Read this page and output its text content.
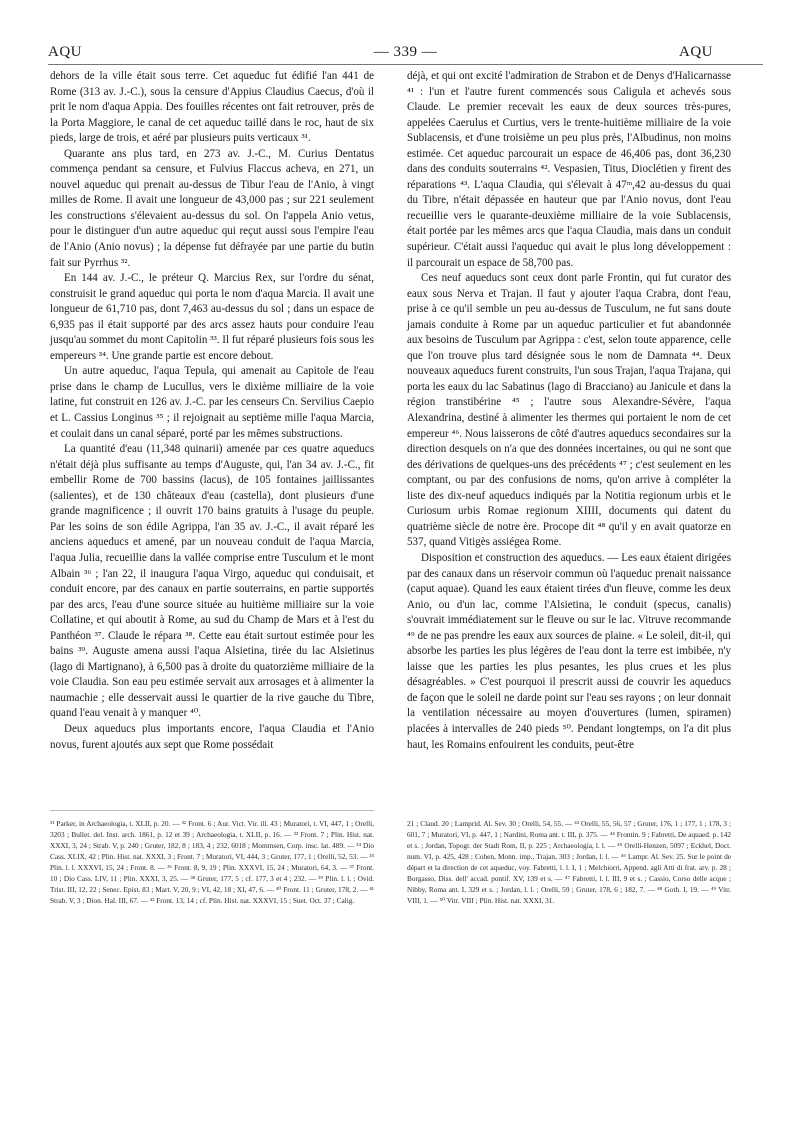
AQU	— 339 —	AQU

dehors de la ville était sous terre. Cet aqueduc fut édifié l'an 441 de Rome (313 av. J.-C.), sous la censure d'Appius Claudius Caecus, d'où il prit le nom d'aqua Appia. Des fouilles récentes ont fait retrouver, près de la Porta Maggiore, le canal de cet aqueduc taillé dans le roc, haut de six pieds, large de trois, et aéré par plusieurs puits verticaux ³¹.

Quarante ans plus tard, en 273 av. J.-C., M. Curius Dentatus commença pendant sa censure, et Fulvius Flaccus acheva, en 271, un nouvel aqueduc qui prenait au-dessus de Tibur l'eau de l'Anio, à vingt milles de Rome. Il avait une longueur de 43,000 pas ; sur 221 seulement les constructions s'élevaient au-dessus du sol. On l'appela Anio vetus, pour le distinguer d'un autre aqueduc qui reçut aussi sous l'empire l'eau de l'Anio (Anio novus) ; la dépense fut défrayée par une partie du butin fait sur Pyrrhus ³².

En 144 av. J.-C., le préteur Q. Marcius Rex, sur l'ordre du sénat, construisit le grand aqueduc qui porta le nom d'aqua Marcia. Il avait une longueur de 61,710 pas, dont 7,463 au-dessus du sol ; dans un espace de 6,935 pas il était supporté par des arcs assez hauts pour conduire l'eau jusqu'au sommet du mont Capitolin ³³. Il fut réparé plusieurs fois sous les empereurs ³⁴. Une grande partie est encore debout.

Un autre aqueduc, l'aqua Tepula, qui amenait au Capitole de l'eau prise dans le champ de Lucullus, vers le dixième milliaire de la voie latine, fut construit en 126 av. J.-C. par les censeurs Cn. Servilius Caepio et L. Cassius Longinus ³⁵ ; il rejoignait au septième mille l'aqua Marcia, et coulait dans un canal séparé, porté par les mêmes substructions.

La quantité d'eau (11,348 quinarii) amenée par ces quatre aqueducs n'était déjà plus suffisante au temps d'Auguste, qui, l'an 34 av. J.-C., fit embellir Rome de 700 bassins (lacus), de 105 fontaines jaillissantes (salientes), et de 130 châteaux d'eau (castella), dont plusieurs d'une grande magnificence ; il ouvrit 170 bains gratuits à l'usage du peuple. Par les soins de son édile Agrippa, l'an 35 av. J.-C., il avait réparé les anciens aqueducs et amené, par un nouveau conduit de l'aqua Marcia, l'aqua Julia, recueillie dans la vallée comprise entre Tusculum et le mont Albain ³⁶ ; l'an 22, il inaugura l'aqua Virgo, aqueduc qui conduisait, et conduit encore, par des canaux en partie souterrains, en partie supportés par des arcs, l'eau d'une source située au huitième milliaire sur la voie Collatine, et qui aboutit à Rome, au sud du Champ de Mars et à l'est du Panthéon ³⁷. Claude le répara ³⁸. Cette eau était surtout estimée pour les bains ³⁹. Auguste amena aussi l'aqua Alsietina, tirée du lac Alsietinus (lago di Martignano), à 6,500 pas à droite du quatorzième milliaire de la voie Claudia. Son eau peu estimée servait aux arrosages et à alimenter la naumachie ; elle desservait aussi le quartier de la rive gauche du Tibre, quand l'eau venait à y manquer ⁴⁰.

Deux aqueducs plus importants encore, l'aqua Claudia et l'Anio novus, furent ajoutés aux sept que Rome possédait

déjà, et qui ont excité l'admiration de Strabon et de Denys d'Halicarnasse ⁴¹ : l'un et l'autre furent commencés sous Caligula et achevés sous Claude. Le premier recevait les eaux de deux sources très-pures, appelées Caerulus et Curtius, vers le trente-huitième milliaire de la voie Sublacensis, et d'une troisième un peu plus près, l'Albudinus, non moins estimée. Cet aqueduc parcourait un espace de 46,406 pas, dont 36,230 dans des conduits souterrains ⁴². Vespasien, Titus, Dioclétien y firent des réparations ⁴³. L'aqua Claudia, qui s'élevait à 47ᵐ,42 au-dessus du quai du Tibre, n'était dépassée en hauteur que par l'Anio novus, dont l'eau recueillie vers le quarante-deuxième milliaire de la voie Sublacensis, était portée par les mêmes arcs que l'aqua Claudia, mais dans un conduit supérieur. C'était aussi l'aqueduc qui avait le plus long développement : il parcourait un espace de 58,700 pas.

Ces neuf aqueducs sont ceux dont parle Frontin, qui fut curator des eaux sous Nerva et Trajan. Il faut y ajouter l'aqua Crabra, dont l'eau, prise à ce qu'il semble un peu au-dessus de Tusculum, ne fut sans doute jamais conduite à Rome par un aqueduc particulier et fut abandonnée aux besoins de Tusculum par Agrippa : c'est, selon toute apparence, celle que l'on trouve plus tard désignée sous le nom de Damnata ⁴⁴. Deux nouveaux aqueducs furent construits, l'un sous Trajan, l'aqua Trajana, qui porta les eaux du lac Sabatinus (lago di Bracciano) au Janicule et dans la région transtibérine ⁴⁵ ; l'autre sous Alexandre-Sévère, l'aqua Alexandrina, destiné à alimenter les thermes qui portaient le nom de cet empereur ⁴⁶. Nous laisserons de côté d'autres aqueducs secondaires sur la direction desquels on n'a que des données incertaines, ou qui ne sont que des dérivations de quelques-uns des précédents ⁴⁷ ; c'est seulement en les comptant, ou par des confusions de noms, qu'on arrive à compléter la liste des dix-neuf aqueducs indiqués par la Notitia regionum urbis et le Curiosum urbis Romae regionum XIIII, documents qui datent du quatrième siècle de notre ère. Procope dit ⁴⁸ qu'il y en avait quatorze en 537, quand Vitigès assiégea Rome.

Disposition et construction des aqueducs. — Les eaux étaient dirigées par des canaux dans un réservoir commun où l'aqueduc prenait naissance (caput aquae). Quand les eaux étaient tirées d'un fleuve, comme les deux Anio, ou d'un lac, comme l'Alsietina, le conduit (specus, canalis) s'ouvrait immédiatement sur le fleuve ou sur le lac. Vitruve recommande ⁴⁹ de ne pas prendre les eaux aux sources de plaine. « Le soleil, dit-il, qui absorbe les parties les plus légères de l'eau dont la terre est imbibée, n'y laisse que les parties les plus pesantes, les plus crues et les plus désagréables. » C'est pourquoi il prescrit aussi de couvrir les aqueducs de façon que le soleil ne darde point sur l'eau ses rayons ; on leur donnait la ventilation nécessaire au moyen d'ouvertures (lumen, spiramen) placées à intervalles de 240 pieds ⁵⁰. Pendant longtemps, on l'a dit plus haut, les Romains enfouirent les conduits, peut-être

³¹ Parker, in Archaeologia, t. XLII, p. 20. — ³² Front. 6 ; Aur. Vict. Vir. ill. 43 ; Muratori, t. VI, 447, 1 ; Orelli, 3203 ; Bullet. del. Inst. arch. 1861, p. 12 et 39 ; Archaeologia, t. XLII, p. 16. — ³³ Front. 7 ; Plin. Hist. nat. XXXI, 3, 24 ; Strab. V, p. 240 ; Gruter, 182, 8 ; 183, 4 ; 232, 6018 ; Mommsen, Corp. insc. lat. 489. — ³⁴ Dio Cass. XLIX, 42 ; Plin. Hist. nat. XXXI, 3 ; Front. 7 ; Muratori, VI, 444, 3 ; Gruter, 177, 1 ; Orelli, 52, 53. — ³⁵ Plin. l. l. XXXVI, 15, 24 ; Front. 8. — ³⁶ Front. 8, 9, 19 ; Plin. XXXVI, 15, 24 ; Muratori, 64, 3. — ³⁷ Front. 10 ; Dio Cass. LIV, 11 ; Plin. XXXI, 3, 25. — ³⁸ Gruter, 177, 5 ; cf. 177, 3 et 4 ; 232. — ³⁹ Plin. l. l. ; Ovid. Trist. III, 12, 22 ; Senec. Epist. 83 ; Mart. V, 20, 9 ; VI, 42, 18 ; XI, 47, 6. — ⁴⁰ Front. 11 ; Gruter, 178, 2. — ⁴¹ Strab. V, 3 ; Dion. Hal. III, 67. — ⁴² Front. 13, 14 ; cf. Plin. Hist. nat. XXXVI, 15 ; Suet. Oct. 37 ; Calig.

21 ; Claud. 20 ; Lamprid. Al. Sev. 30 ; Orelli, 54, 55. — ⁴³ Orelli, 55, 56, 57 ; Gruter, 176, 1 ; 177, 1 ; 178, 3 ; 601, 7 ; Muratori, VI, p. 447, 1 ; Nardini, Roma ant. t. III, p. 375. — ⁴⁴ Frontin. 9 ; Fabretti, De aquaed. p. 142 et s. ; Jordan, Topogr. der Stadt Rom, II, p. 225 ; Archaeologia, l. l. — ⁴⁵ Orelli-Henzen, 5097 ; Eckhel, Doct. num. VI, p. 425, 428 ; Cohen, Monn. imp., Trajan, 303 ; Jordan, l. l. — ⁴⁶ Lampr. Al. Sev. 25. Sur le point de départ et la direction de cet aqueduc, voy. Fabretti, l. l. I, 1 ; Melchiorri, Append. agli Atti di frat. arv. p. 28 ; Borgasso, Diss. dell' accad. pontif. XV, 139 et s. — ⁴⁷ Fabretti, l. l. III, 9 et s. ; Cassio, Corso delle acque ; Nibby, Roma ant. I, 329 et s. ; Jordan, l. l. ; Orelli, 59 ; Gruter, 178, 6 ; 182, 7. — ⁴⁸ Goth. I, 19. — ⁴⁹ Vitr. VIII, 1. — ⁵⁰ Vitr. VIII ; Plin. Hist. nat. XXXI, 31.
